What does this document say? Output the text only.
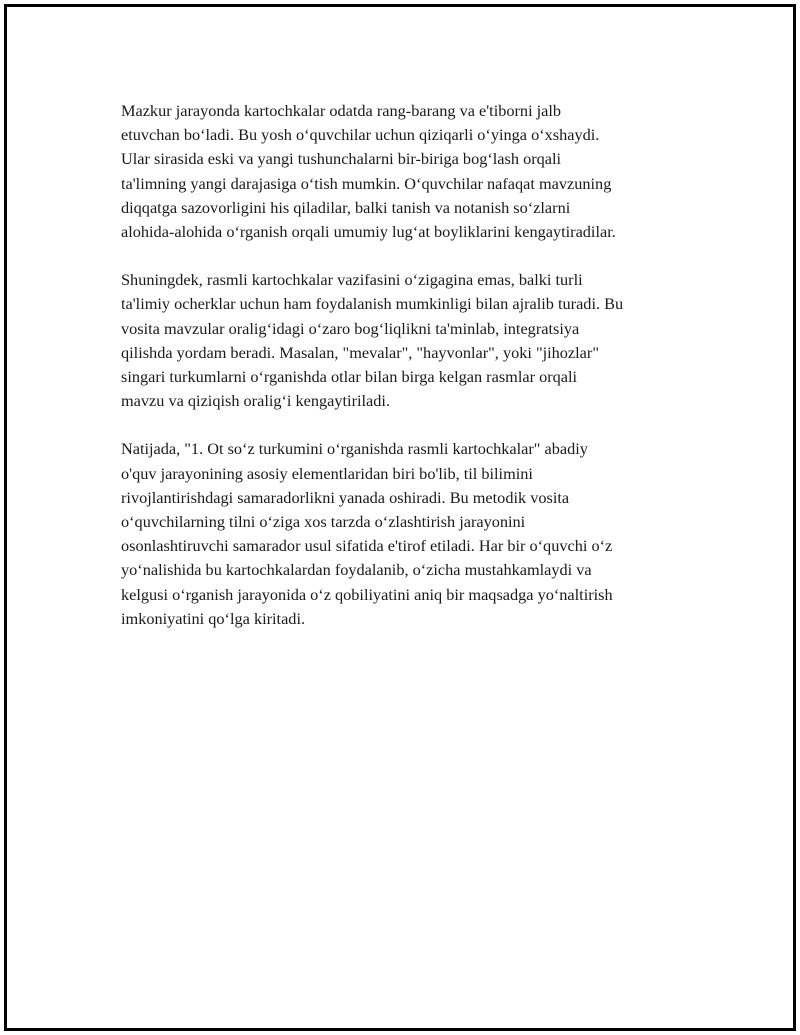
Mazkur jarayonda kartochkalar odatda rang-barang va e'tiborni jalb
etuvchan bo‘ladi. Bu yosh o‘quvchilar uchun qiziqarli o‘yinga o‘xshaydi.
Ular sirasida eski va yangi tushunchalarni bir-biriga bog‘lash orqali
ta'limning yangi darajasiga o‘tish mumkin. O‘quvchilar nafaqat mavzuning
diqqatga sazovorligini his qiladilar, balki tanish va notanish so‘zlarni
alohida-alohida o‘rganish orqali umumiy lug‘at boyliklarini kengaytiradilar.

Shuningdek, rasmli kartochkalar vazifasini o‘zigagina emas, balki turli
ta'limiy ocherklar uchun ham foydalanish mumkinligi bilan ajralib turadi. Bu
vosita mavzular oralig‘idagi o‘zaro bog‘liqlikni ta'minlab, integratsiya
qilishda yordam beradi. Masalan, "mevalar", "hayvonlar", yoki "jihozlar"
singari turkumlarni o‘rganishda otlar bilan birga kelgan rasmlar orqali
mavzu va qiziqish oralig‘i kengaytiriladi.

Natijada, "1. Ot so‘z turkumini o‘rganishda rasmli kartochkalar" abadiy
o'quv jarayonining asosiy elementlaridan biri bo'lib, til bilimini
rivojlantirishdagi samaradorlikni yanada oshiradi. Bu metodik vosita
o‘quvchilarning tilni o‘ziga xos tarzda o‘zlashtirish jarayonini
osonlashtiruvchi samarador usul sifatida e'tirof etiladi. Har bir o‘quvchi o‘z
yo‘nalishida bu kartochkalardan foydalanib, o‘zicha mustahkamlaydi va
kelgusi o‘rganish jarayonida o‘z qobiliyatini aniq bir maqsadga yo‘naltirish
imkoniyatini qo‘lga kiritadi.
